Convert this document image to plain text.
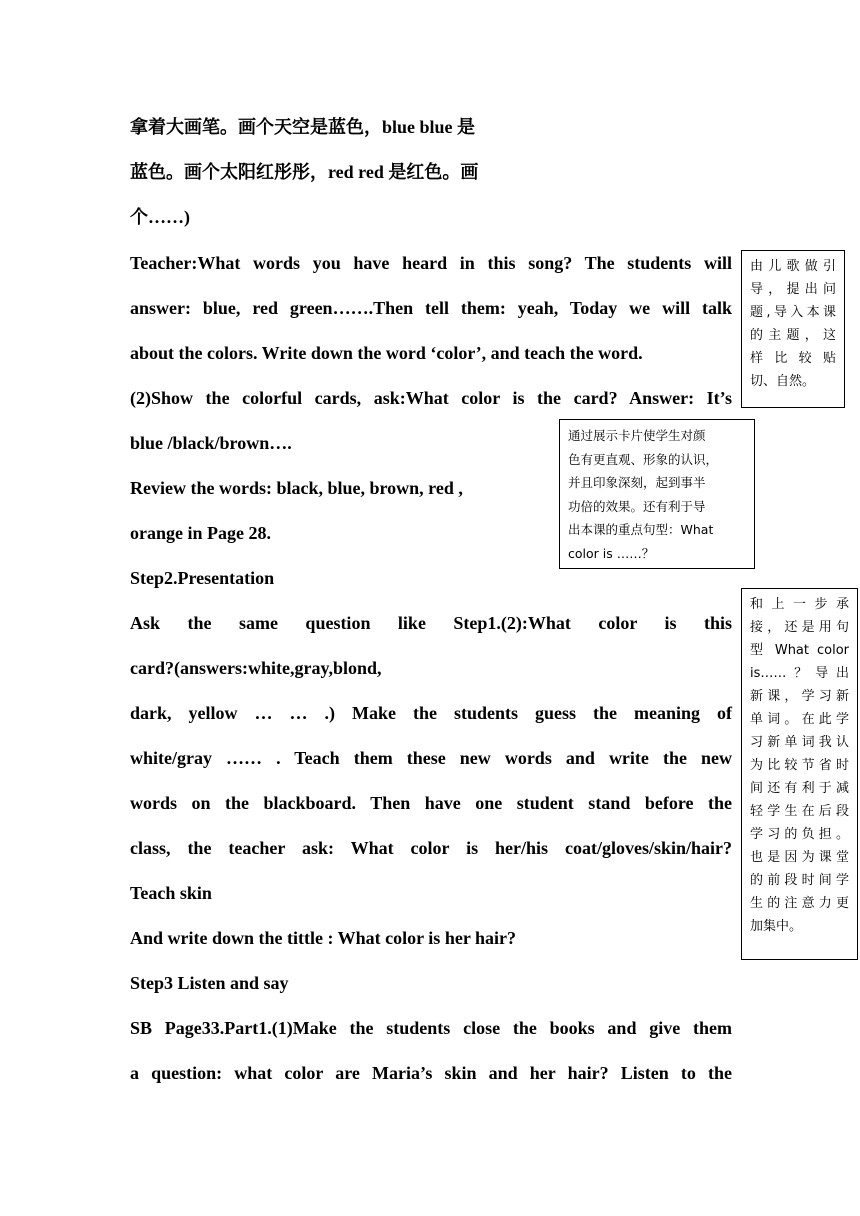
拿着大画笔。画个天空是蓝色，blue blue 是
蓝色。画个太阳红彤彤，red red 是红色。画
个……)
Teacher:What words you have heard in this song? The students will
answer: blue, red green…….Then tell them: yeah, Today we will talk
about the colors. Write down the word ‘color’, and teach the word.
(2)Show the colorful cards, ask:What color is the card? Answer: It’s
blue /black/brown….
Review the words: black, blue, brown, red ,
orange in Page 28.
Step2.Presentation
Ask the same question like Step1.(2):What color is this
card?(answers:white,gray,blond,
dark, yellow … … .) Make the students guess the meaning of
white/gray …… . Teach them these new words and write the new
words on the blackboard. Then have one student stand before the
class, the teacher ask: What color is her/his coat/gloves/skin/hair?
Teach skin
And write down the tittle : What color is her hair?
Step3 Listen and say
SB Page33.Part1.(1)Make the students close the books and give them
a question: what color are Maria’s skin and her hair? Listen to the
由儿歌做引
导，提出问
题,导入本课
的主题，这
样比较贴
切、自然。
通过展示卡片使学生对颜
色有更直观、形象的认识，
并且印象深刻，起到事半
功倍的效果。还有利于导
出本课的重点句型：What
color is ……？
和上一步承
接，还是用句
型 What color
is……？导出
新课，学习新
单词。在此学
习新单词我认
为比较节省时
间还有利于减
轻学生在后段
学习的负担。
也是因为课堂
的前段时间学
生的注意力更
加集中。
